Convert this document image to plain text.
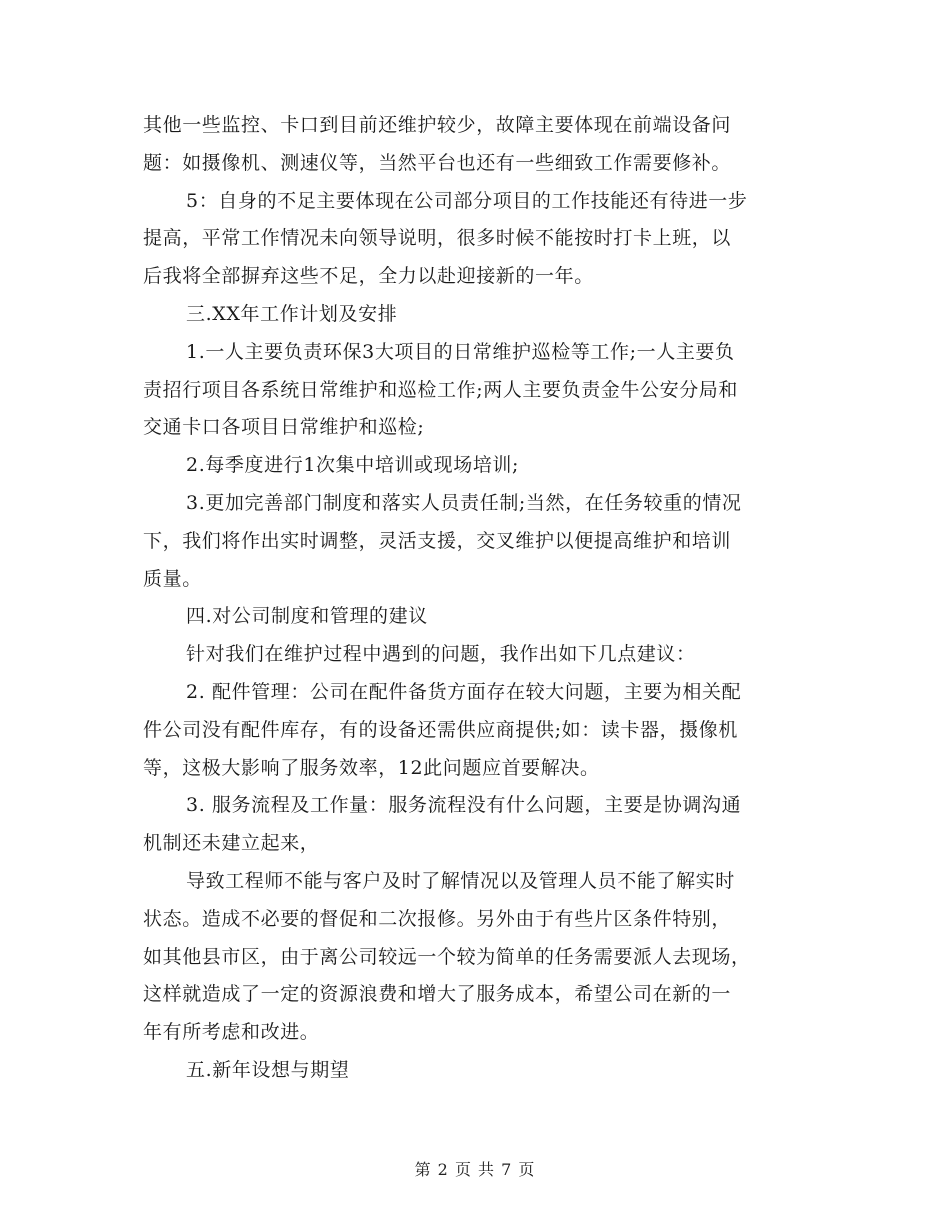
其他一些监控、卡口到目前还维护较少，故障主要体现在前端设备问
题：如摄像机、测速仪等，当然平台也还有一些细致工作需要修补。
5：自身的不足主要体现在公司部分项目的工作技能还有待进一步
提高，平常工作情况未向领导说明，很多时候不能按时打卡上班，以
后我将全部摒弃这些不足，全力以赴迎接新的一年。
三.XX年工作计划及安排
1.一人主要负责环保3大项目的日常维护巡检等工作;一人主要负
责招行项目各系统日常维护和巡检工作;两人主要负责金牛公安分局和
交通卡口各项目日常维护和巡检;
2.每季度进行1次集中培训或现场培训;
3.更加完善部门制度和落实人员责任制;当然，在任务较重的情况
下，我们将作出实时调整，灵活支援，交叉维护以便提高维护和培训
质量。
四.对公司制度和管理的建议
针对我们在维护过程中遇到的问题，我作出如下几点建议：
2. 配件管理：公司在配件备货方面存在较大问题，主要为相关配
件公司没有配件库存，有的设备还需供应商提供;如：读卡器，摄像机
等，这极大影响了服务效率，12此问题应首要解决。
3. 服务流程及工作量：服务流程没有什么问题，主要是协调沟通
机制还未建立起来，
导致工程师不能与客户及时了解情况以及管理人员不能了解实时
状态。造成不必要的督促和二次报修。另外由于有些片区条件特别，
如其他县市区，由于离公司较远一个较为简单的任务需要派人去现场，
这样就造成了一定的资源浪费和增大了服务成本，希望公司在新的一
年有所考虑和改进。
五.新年设想与期望
第 2 页 共 7 页
